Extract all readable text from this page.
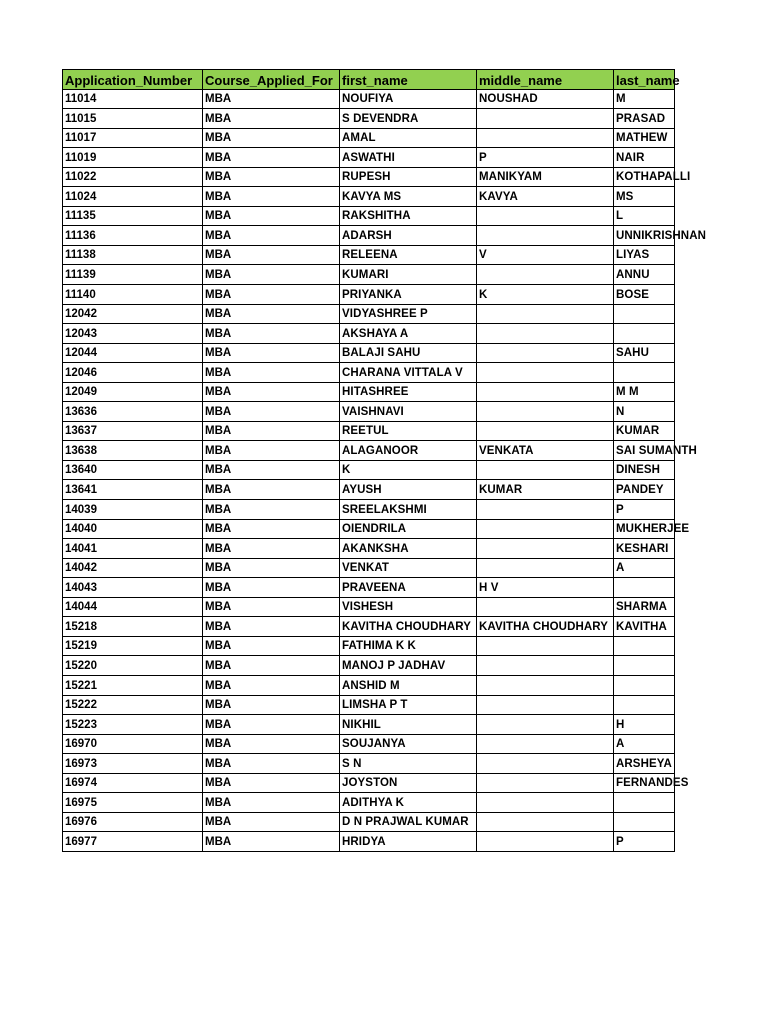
Application_Number	Course_Applied_For	first_name	middle_name	last_name
11014	MBA	NOUFIYA	NOUSHAD	M
11015	MBA	S DEVENDRA		PRASAD
11017	MBA	AMAL		MATHEW
11019	MBA	ASWATHI	P	NAIR
11022	MBA	RUPESH	MANIKYAM	KOTHAPALLI
11024	MBA	KAVYA MS	KAVYA	MS
11135	MBA	RAKSHITHA		L
11136	MBA	ADARSH		UNNIKRISHNAN
11138	MBA	RELEENA	V	LIYAS
11139	MBA	KUMARI		ANNU
11140	MBA	PRIYANKA	K	BOSE
12042	MBA	VIDYASHREE P		
12043	MBA	AKSHAYA A		
12044	MBA	BALAJI SAHU		SAHU
12046	MBA	CHARANA VITTALA V		
12049	MBA	HITASHREE		M M
13636	MBA	VAISHNAVI		N
13637	MBA	REETUL		KUMAR
13638	MBA	ALAGANOOR	VENKATA	SAI SUMANTH
13640	MBA	K		DINESH
13641	MBA	AYUSH	KUMAR	PANDEY
14039	MBA	SREELAKSHMI		P
14040	MBA	OIENDRILA		MUKHERJEE
14041	MBA	AKANKSHA		KESHARI
14042	MBA	VENKAT		A
14043	MBA	PRAVEENA	H V	
14044	MBA	VISHESH		SHARMA
15218	MBA	KAVITHA CHOUDHARY	KAVITHA CHOUDHARY	KAVITHA
15219	MBA	FATHIMA K K		
15220	MBA	MANOJ P JADHAV		
15221	MBA	ANSHID M		
15222	MBA	LIMSHA P T		
15223	MBA	NIKHIL		H
16970	MBA	SOUJANYA		A
16973	MBA	S N		ARSHEYA
16974	MBA	JOYSTON		FERNANDES
16975	MBA	ADITHYA K		
16976	MBA	D N PRAJWAL KUMAR		
16977	MBA	HRIDYA		P
